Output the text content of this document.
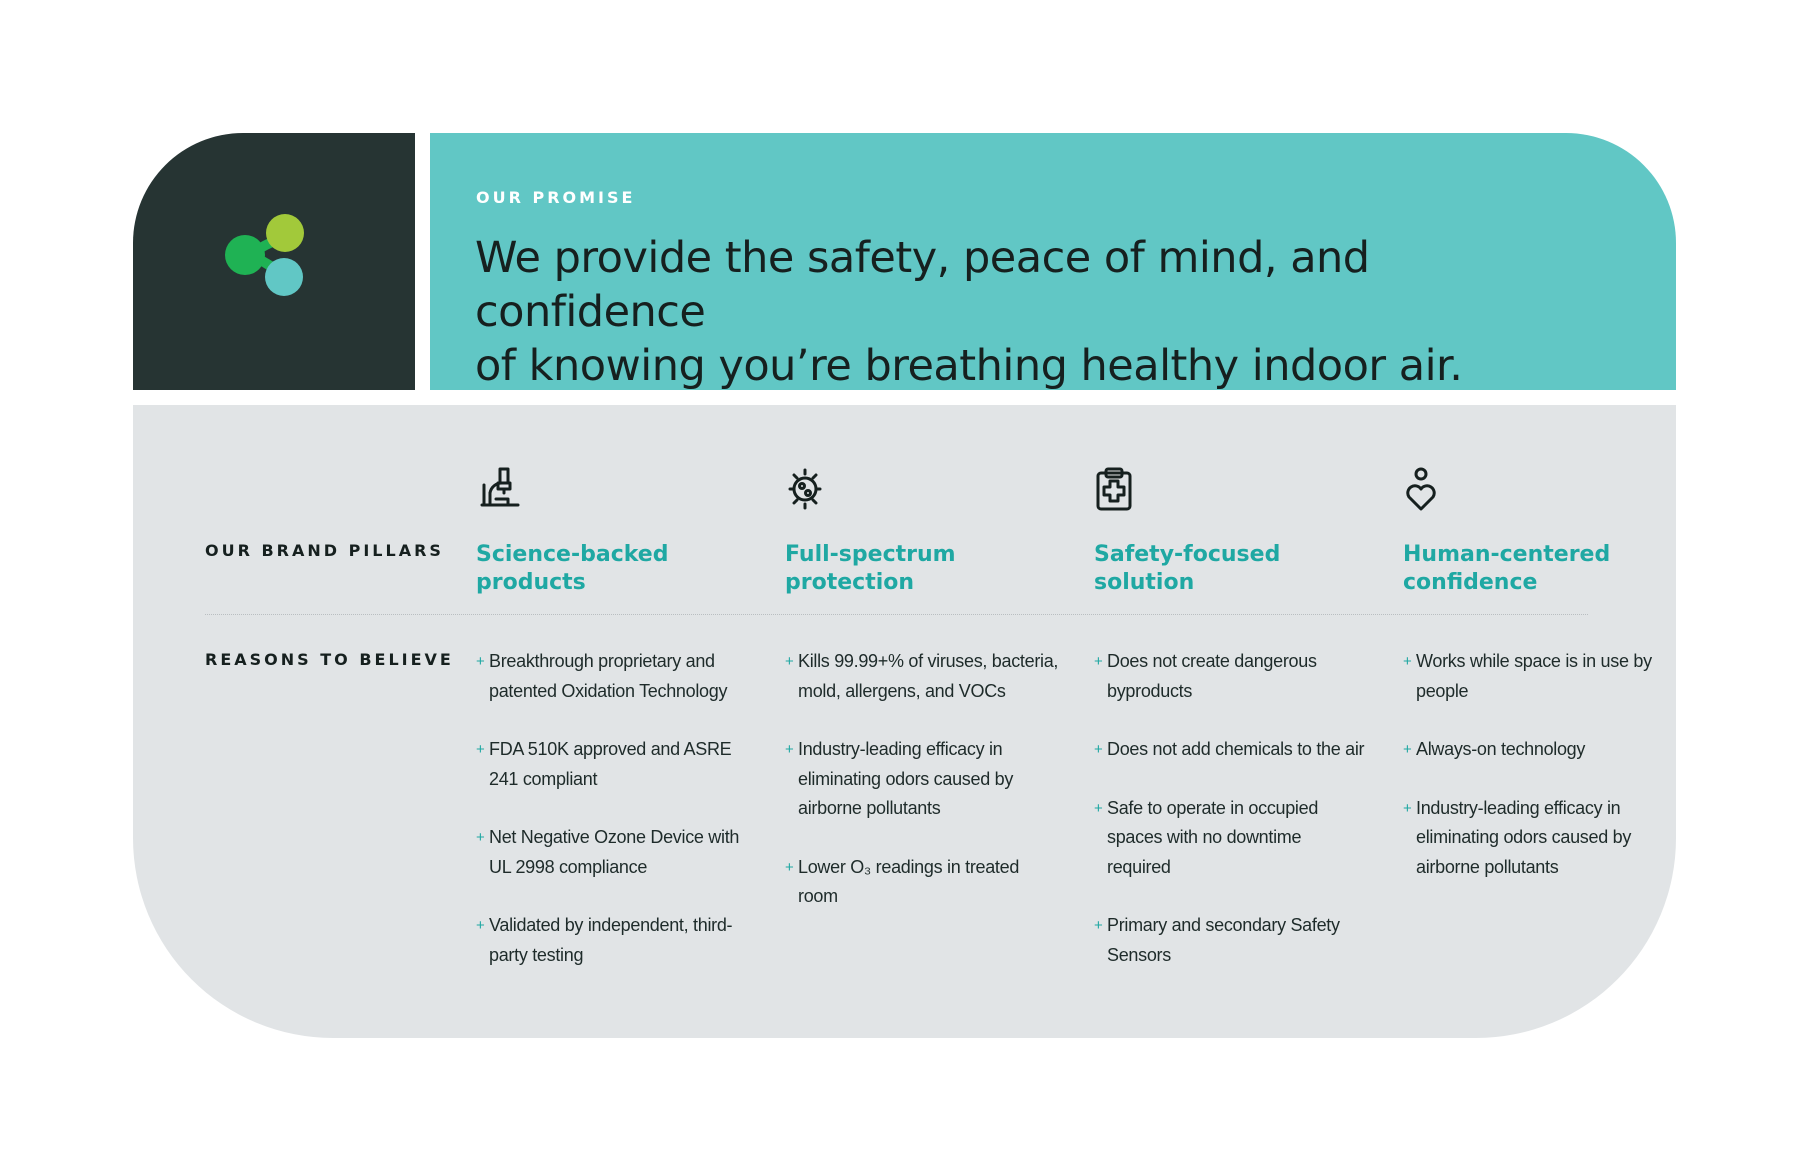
OUR PROMISE
We provide the safety, peace of mind, and confidence
of knowing you’re breathing healthy indoor air.
OUR BRAND PILLARS
REASONS TO BELIEVE
Science-backed
products
+ Breakthrough proprietary and patented Oxidation Technology
+ FDA 510K approved and ASRE 241 compliant
+ Net Negative Ozone Device with UL 2998 compliance
+ Validated by independent, third-party testing
Full-spectrum
protection
+ Kills 99.99+% of viruses, bacteria, mold, allergens, and VOCs
+ Industry-leading efficacy in eliminating odors caused by airborne pollutants
+ Lower O₃ readings in treated room
Safety-focused
solution
+ Does not create dangerous byproducts
+ Does not add chemicals to the air
+ Safe to operate in occupied spaces with no downtime required
+ Primary and secondary Safety Sensors
Human-centered
confidence
+ Works while space is in use by people
+ Always-on technology
+ Industry-leading efficacy in eliminating odors caused by airborne pollutants
